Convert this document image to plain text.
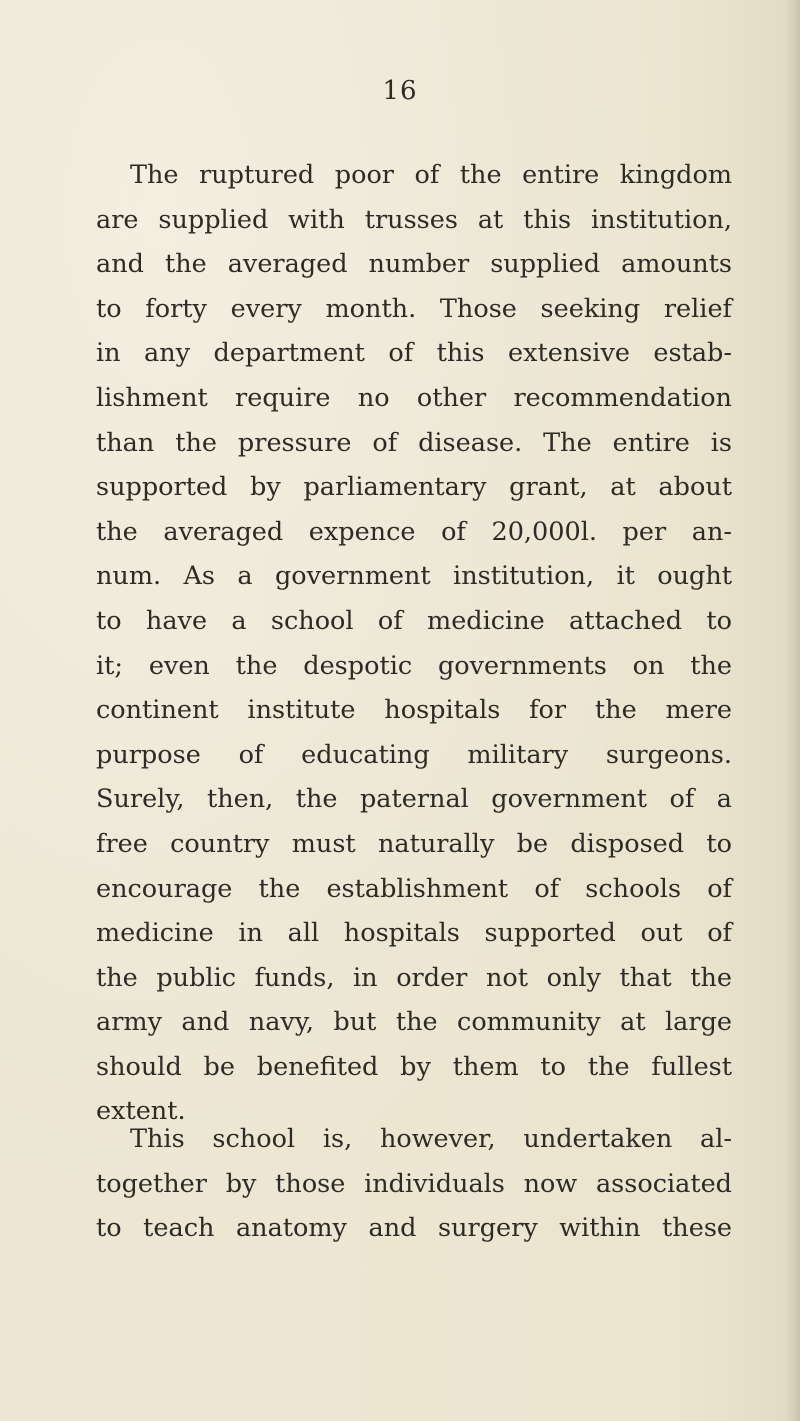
16
The ruptured poor of the entire kingdom
are supplied with trusses at this institution,
and the averaged number supplied amounts
to forty every month. Those seeking relief
in any department of this extensive estab-
lishment require no other recommendation
than the pressure of disease. The entire is
supported by parliamentary grant, at about
the averaged expence of 20,000l. per an-
num. As a government institution, it ought
to have a school of medicine attached to
it; even the despotic governments on the
continent institute hospitals for the mere
purpose of educating military surgeons.
Surely, then, the paternal government of a
free country must naturally be disposed to
encourage the establishment of schools of
medicine in all hospitals supported out of
the public funds, in order not only that the
army and navy, but the community at large
should be benefited by them to the fullest
extent.
This school is, however, undertaken al-
together by those individuals now associated
to teach anatomy and surgery within these
